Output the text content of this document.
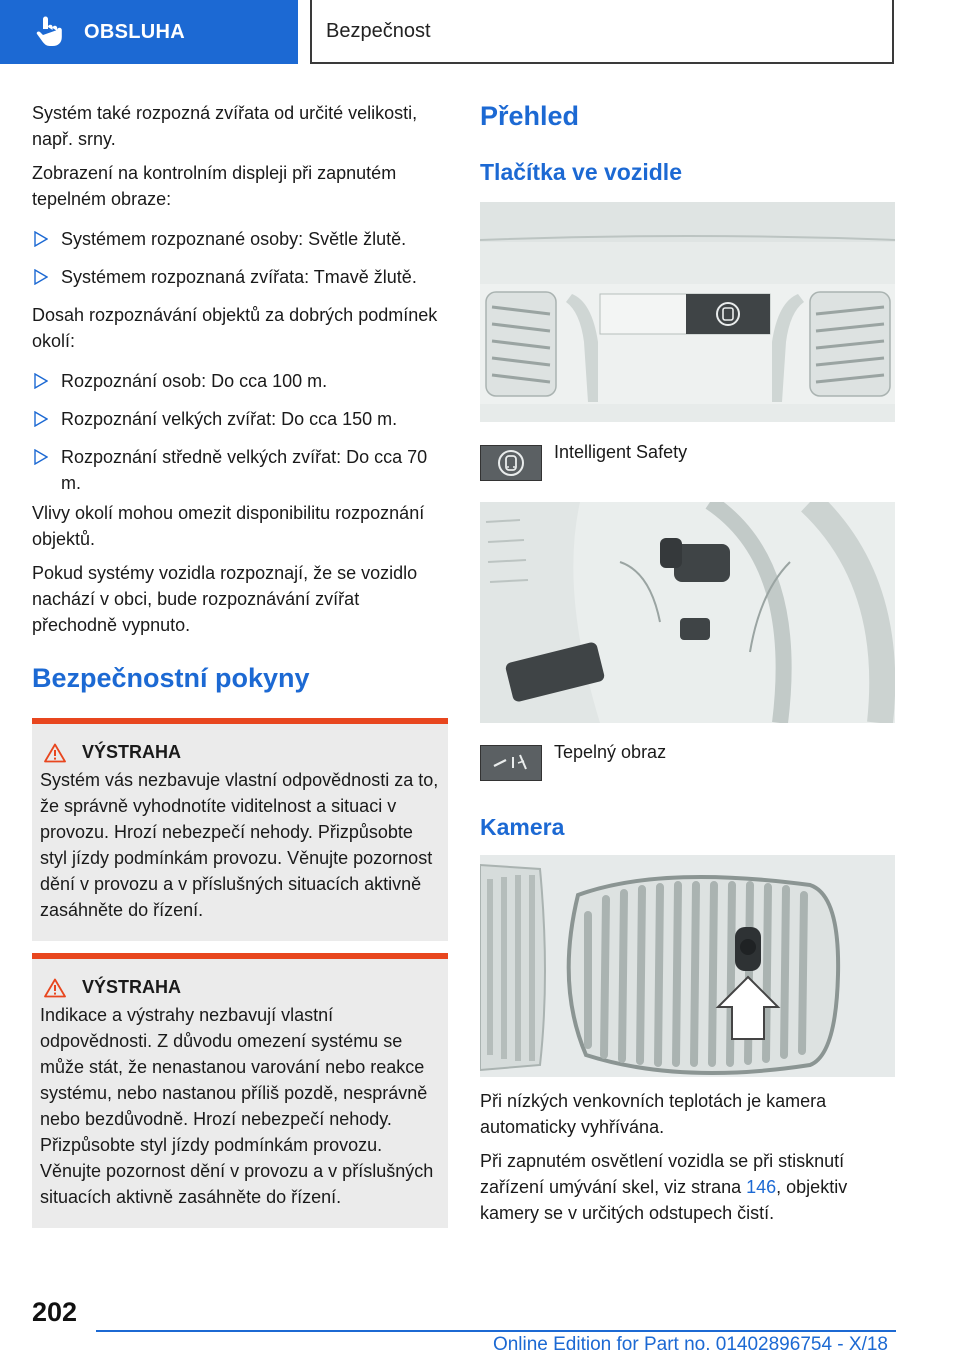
OBSLUHA	Bezpečnost

Systém také rozpozná zvířata od určité velikosti, např. srny.

Zobrazení na kontrolním displeji při zapnutém tepelném obraze:

Systémem rozpoznané osoby: Světle žlutě.
Systémem rozpoznaná zvířata: Tmavě žlutě.

Dosah rozpoznávání objektů za dobrých podmínek okolí:

Rozpoznání osob: Do cca 100 m.
Rozpoznání velkých zvířat: Do cca 150 m.
Rozpoznání středně velkých zvířat: Do cca 70 m.

Vlivy okolí mohou omezit disponibilitu rozpoznání objektů.

Pokud systémy vozidla rozpoznají, že se vozidlo nachází v obci, bude rozpoznávání zvířat přechodně vypnuto.

Bezpečnostní pokyny
VÝSTRAHA

Systém vás nezbavuje vlastní odpovědnosti za to, že správně vyhodnotíte viditelnost a situaci v provozu. Hrozí nebezpečí nehody. Přizpůsobte styl jízdy podmínkám provozu. Věnujte pozornost dění v provozu a v příslušných situacích aktivně zasáhněte do řízení.

VÝSTRAHA

Indikace a výstrahy nezbavují vlastní odpovědnosti. Z důvodu omezení systému se může stát, že nenastanou varování nebo reakce systému, nebo nastanou příliš pozdě, nesprávně nebo bezdůvodně. Hrozí nebezpečí nehody. Přizpůsobte styl jízdy podmínkám provozu. Věnujte pozornost dění v provozu a v příslušných situacích aktivně zasáhněte do řízení.

Přehled
Tlačítka ve vozidle
Intelligent Safety
Tepelný obraz
Kamera

Při nízkých venkovních teplotách je kamera automaticky vyhřívána.

Při zapnutém osvětlení vozidla se při stisknutí zařízení umývání skel, viz strana 146, objektiv kamery se v určitých odstupech čistí.

202
Online Edition for Part no. 01402896754 - X/18
